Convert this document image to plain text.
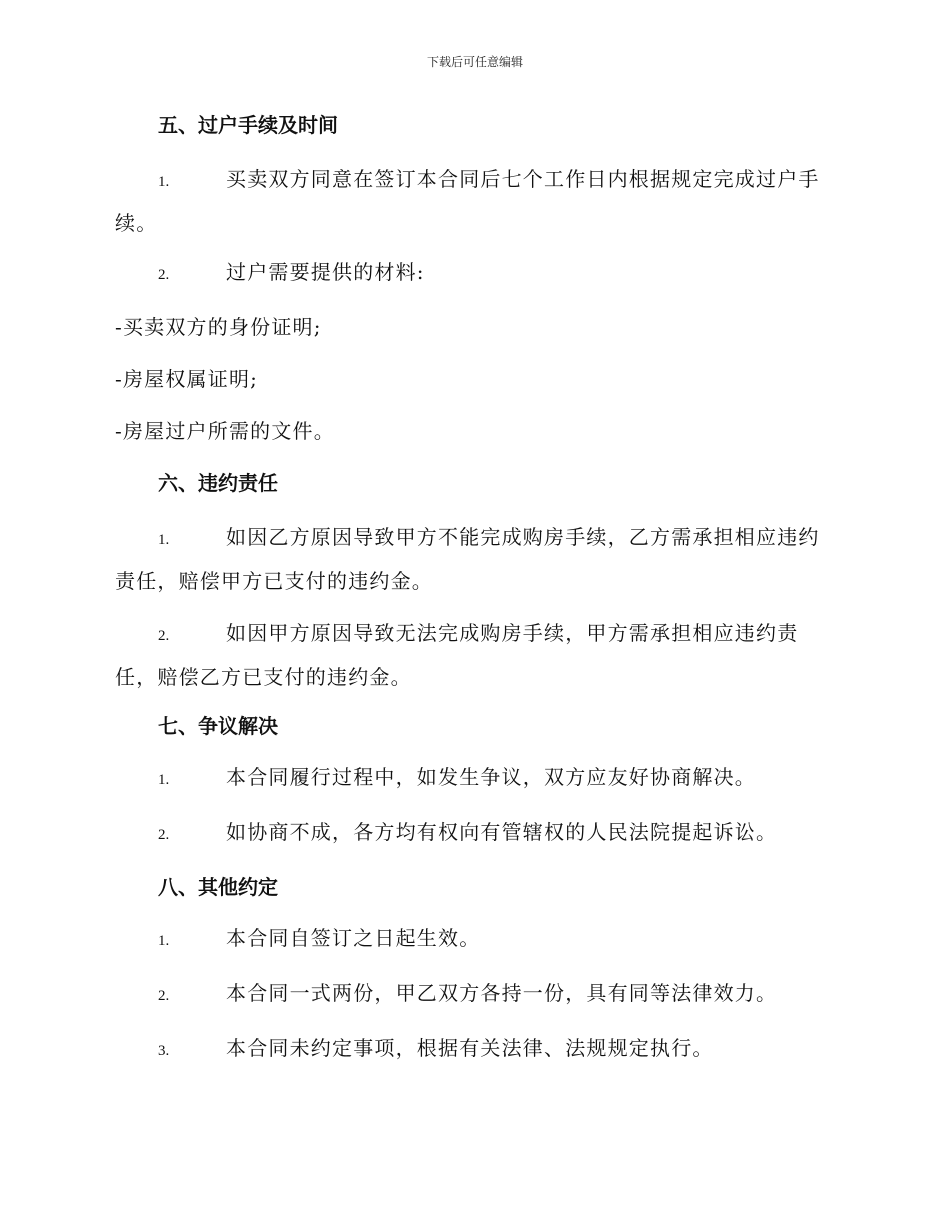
下载后可任意编辑
五、过户手续及时间
1.	买卖双方同意在签订本合同后七个工作日内根据规定完成过户手续。
2.	过户需要提供的材料:
-买卖双方的身份证明;
-房屋权属证明;
-房屋过户所需的文件。
六、违约责任
1.	如因乙方原因导致甲方不能完成购房手续，乙方需承担相应违约责任，赔偿甲方已支付的违约金。
2.	如因甲方原因导致无法完成购房手续，甲方需承担相应违约责任，赔偿乙方已支付的违约金。
七、争议解决
1.	本合同履行过程中，如发生争议，双方应友好协商解决。
2.	如协商不成，各方均有权向有管辖权的人民法院提起诉讼。
八、其他约定
1.	本合同自签订之日起生效。
2.	本合同一式两份，甲乙双方各持一份，具有同等法律效力。
3.	本合同未约定事项，根据有关法律、法规规定执行。
